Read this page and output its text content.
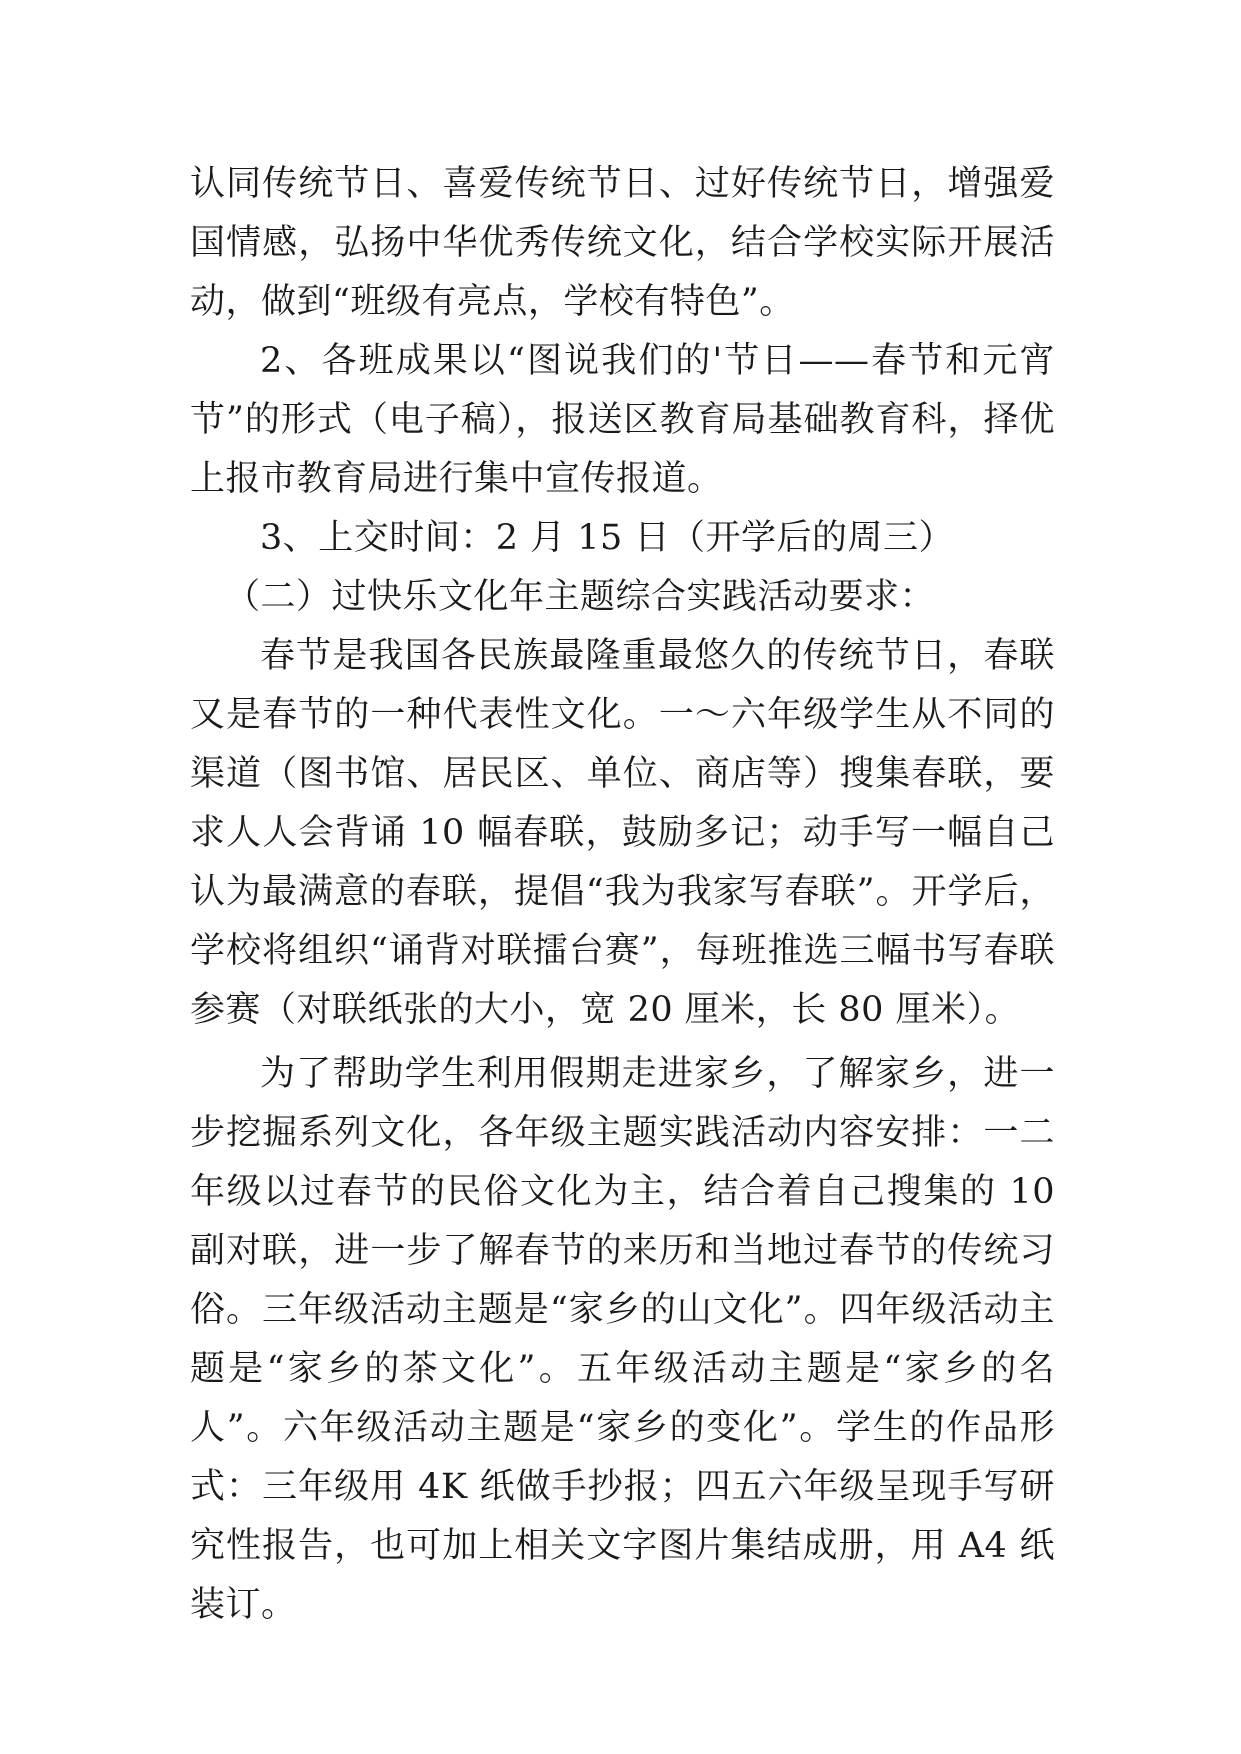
认同传统节日、喜爱传统节日、过好传统节日，增强爱国情感，弘扬中华优秀传统文化，结合学校实际开展活动，做到“班级有亮点，学校有特色”。

2、各班成果以“图说我们的'节日——春节和元宵节”的形式（电子稿），报送区教育局基础教育科，择优上报市教育局进行集中宣传报道。

3、上交时间：2 月 15 日（开学后的周三）

（二）过快乐文化年主题综合实践活动要求：

春节是我国各民族最隆重最悠久的传统节日，春联又是春节的一种代表性文化。一～六年级学生从不同的渠道（图书馆、居民区、单位、商店等）搜集春联，要求人人会背诵 10 幅春联，鼓励多记；动手写一幅自己认为最满意的春联，提倡“我为我家写春联”。开学后，学校将组织“诵背对联擂台赛”，每班推选三幅书写春联参赛（对联纸张的大小，宽 20 厘米，长 80 厘米）。

为了帮助学生利用假期走进家乡，了解家乡，进一步挖掘系列文化，各年级主题实践活动内容安排：一二年级以过春节的民俗文化为主，结合着自己搜集的 10 副对联，进一步了解春节的来历和当地过春节的传统习俗。三年级活动主题是“家乡的山文化”。四年级活动主题是“家乡的茶文化”。五年级活动主题是“家乡的名人”。六年级活动主题是“家乡的变化”。学生的作品形式：三年级用 4K 纸做手抄报；四五六年级呈现手写研究性报告，也可加上相关文字图片集结成册，用 A4 纸装订。
